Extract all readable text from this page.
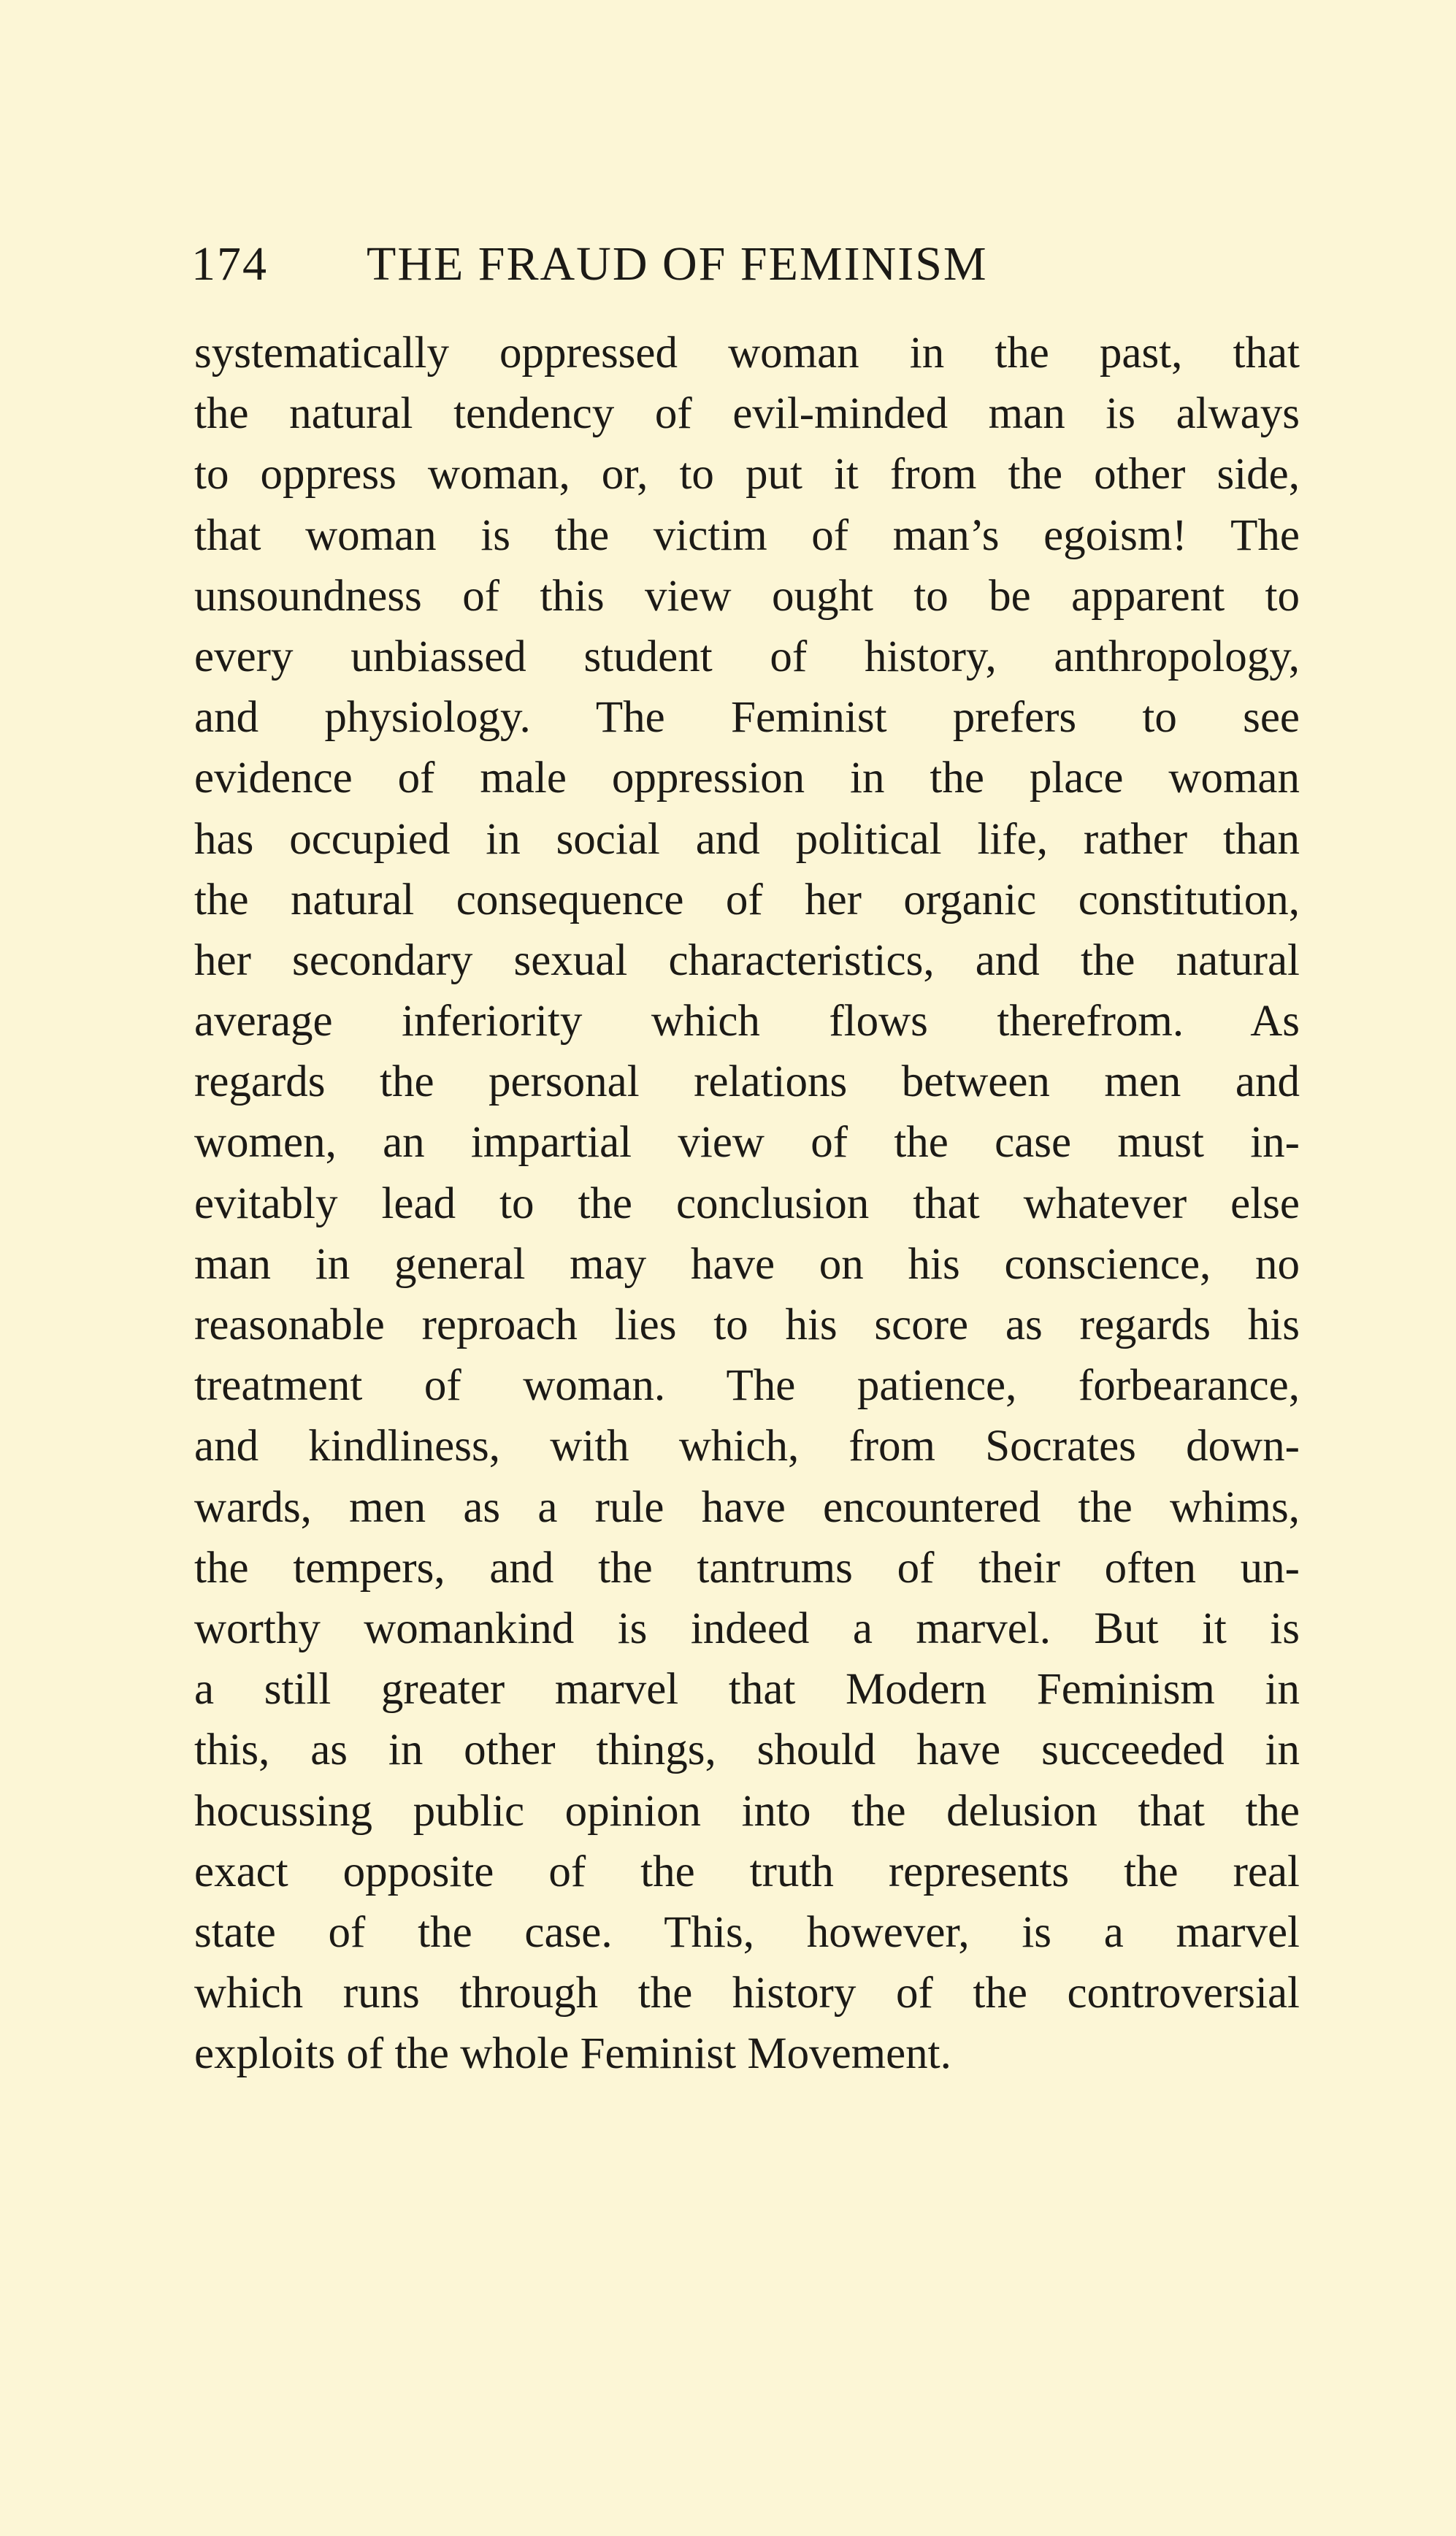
174 THE FRAUD OF FEMINISM
systematically oppressed woman in the past, that
the natural tendency of evil-minded man is always
to oppress woman, or, to put it from the other side,
that woman is the victim of man’s egoism! The
unsoundness of this view ought to be apparent to
every unbiassed student of history, anthropology,
and physiology. The Feminist prefers to see
evidence of male oppression in the place woman
has occupied in social and political life, rather than
the natural consequence of her organic constitution,
her secondary sexual characteristics, and the natural
average inferiority which flows therefrom. As
regards the personal relations between men and
women, an impartial view of the case must in-
evitably lead to the conclusion that whatever else
man in general may have on his conscience, no
reasonable reproach lies to his score as regards his
treatment of woman. The patience, forbearance,
and kindliness, with which, from Socrates down-
wards, men as a rule have encountered the whims,
the tempers, and the tantrums of their often un-
worthy womankind is indeed a marvel. But it is
a still greater marvel that Modern Feminism in
this, as in other things, should have succeeded in
hocussing public opinion into the delusion that the
exact opposite of the truth represents the real
state of the case. This, however, is a marvel
which runs through the history of the controversial
exploits of the whole Feminist Movement.
